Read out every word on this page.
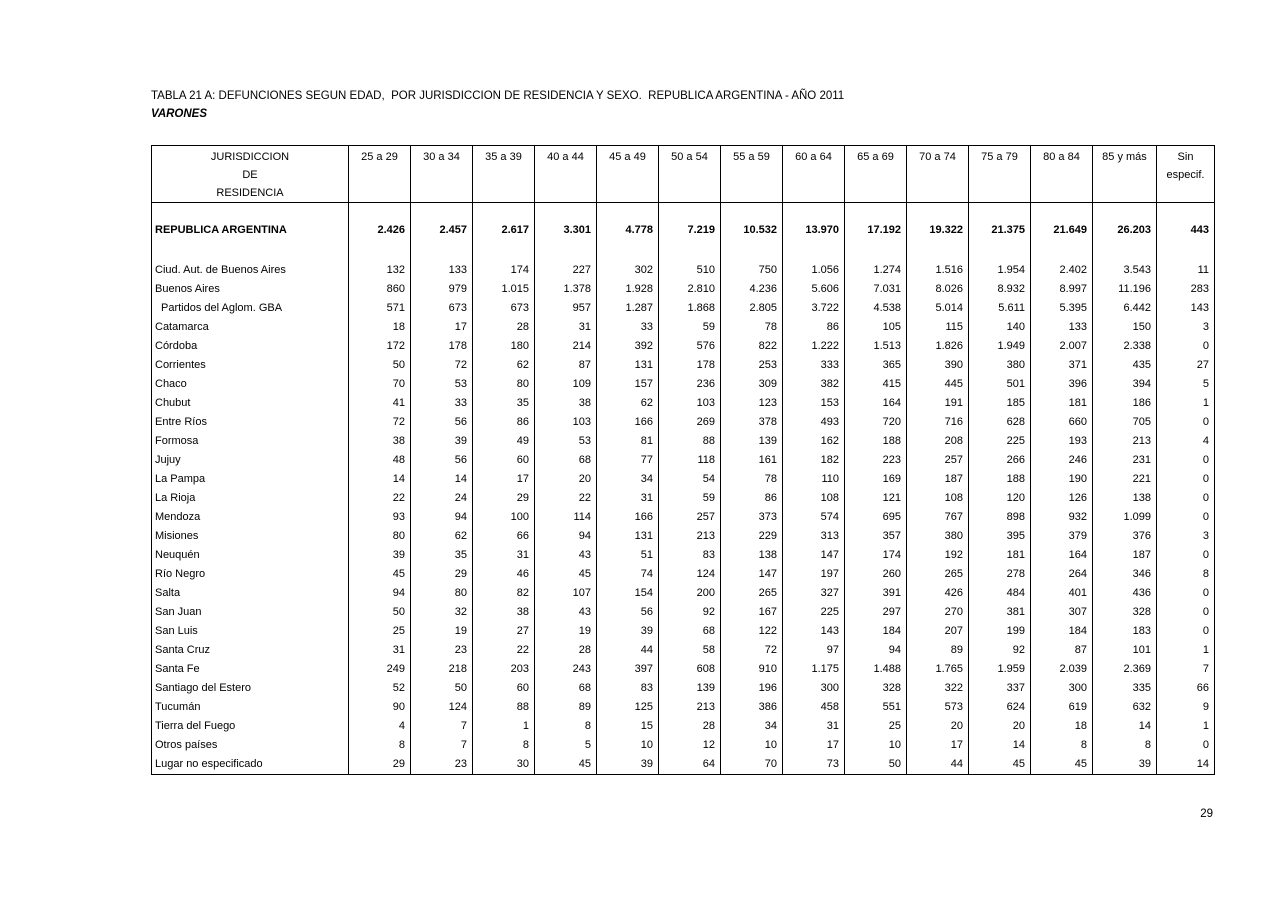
TABLA 21 A: DEFUNCIONES SEGUN EDAD,  POR JURISDICCION DE RESIDENCIA Y SEXO.  REPUBLICA ARGENTINA - AÑO 2011
VARONES
JURISDICCION
DE
RESIDENCIA
	25 a 29	30 a 34	35 a 39	40 a 44	45 a 49	50 a 54	55 a 59	60 a 64	65 a 69	70 a 74	75 a 79	80 a 84	85 y más	Sin
especif.

REPUBLICA ARGENTINA	2.426	2.457	2.617	3.301	4.778	7.219	10.532	13.970	17.192	19.322	21.375	21.649	26.203	443

Ciud. Aut. de Buenos Aires	132	133	174	227	302	510	750	1.056	1.274	1.516	1.954	2.402	3.543	11
Buenos Aires	860	979	1.015	1.378	1.928	2.810	4.236	5.606	7.031	8.026	8.932	8.997	11.196	283
Partidos del Aglom. GBA	571	673	673	957	1.287	1.868	2.805	3.722	4.538	5.014	5.611	5.395	6.442	143
Catamarca	18	17	28	31	33	59	78	86	105	115	140	133	150	3
Córdoba	172	178	180	214	392	576	822	1.222	1.513	1.826	1.949	2.007	2.338	0
Corrientes	50	72	62	87	131	178	253	333	365	390	380	371	435	27
Chaco	70	53	80	109	157	236	309	382	415	445	501	396	394	5
Chubut	41	33	35	38	62	103	123	153	164	191	185	181	186	1
Entre Ríos	72	56	86	103	166	269	378	493	720	716	628	660	705	0
Formosa	38	39	49	53	81	88	139	162	188	208	225	193	213	4
Jujuy	48	56	60	68	77	118	161	182	223	257	266	246	231	0
La Pampa	14	14	17	20	34	54	78	110	169	187	188	190	221	0
La Rioja	22	24	29	22	31	59	86	108	121	108	120	126	138	0
Mendoza	93	94	100	114	166	257	373	574	695	767	898	932	1.099	0
Misiones	80	62	66	94	131	213	229	313	357	380	395	379	376	3
Neuquén	39	35	31	43	51	83	138	147	174	192	181	164	187	0
Río Negro	45	29	46	45	74	124	147	197	260	265	278	264	346	8
Salta	94	80	82	107	154	200	265	327	391	426	484	401	436	0
San Juan	50	32	38	43	56	92	167	225	297	270	381	307	328	0
San Luis	25	19	27	19	39	68	122	143	184	207	199	184	183	0
Santa Cruz	31	23	22	28	44	58	72	97	94	89	92	87	101	1
Santa Fe	249	218	203	243	397	608	910	1.175	1.488	1.765	1.959	2.039	2.369	7
Santiago del Estero	52	50	60	68	83	139	196	300	328	322	337	300	335	66
Tucumán	90	124	88	89	125	213	386	458	551	573	624	619	632	9
Tierra del Fuego	4	7	1	8	15	28	34	31	25	20	20	18	14	1
Otros países	8	7	8	5	10	12	10	17	10	17	14	8	8	0
Lugar no especificado	29	23	30	45	39	64	70	73	50	44	45	45	39	14
29
